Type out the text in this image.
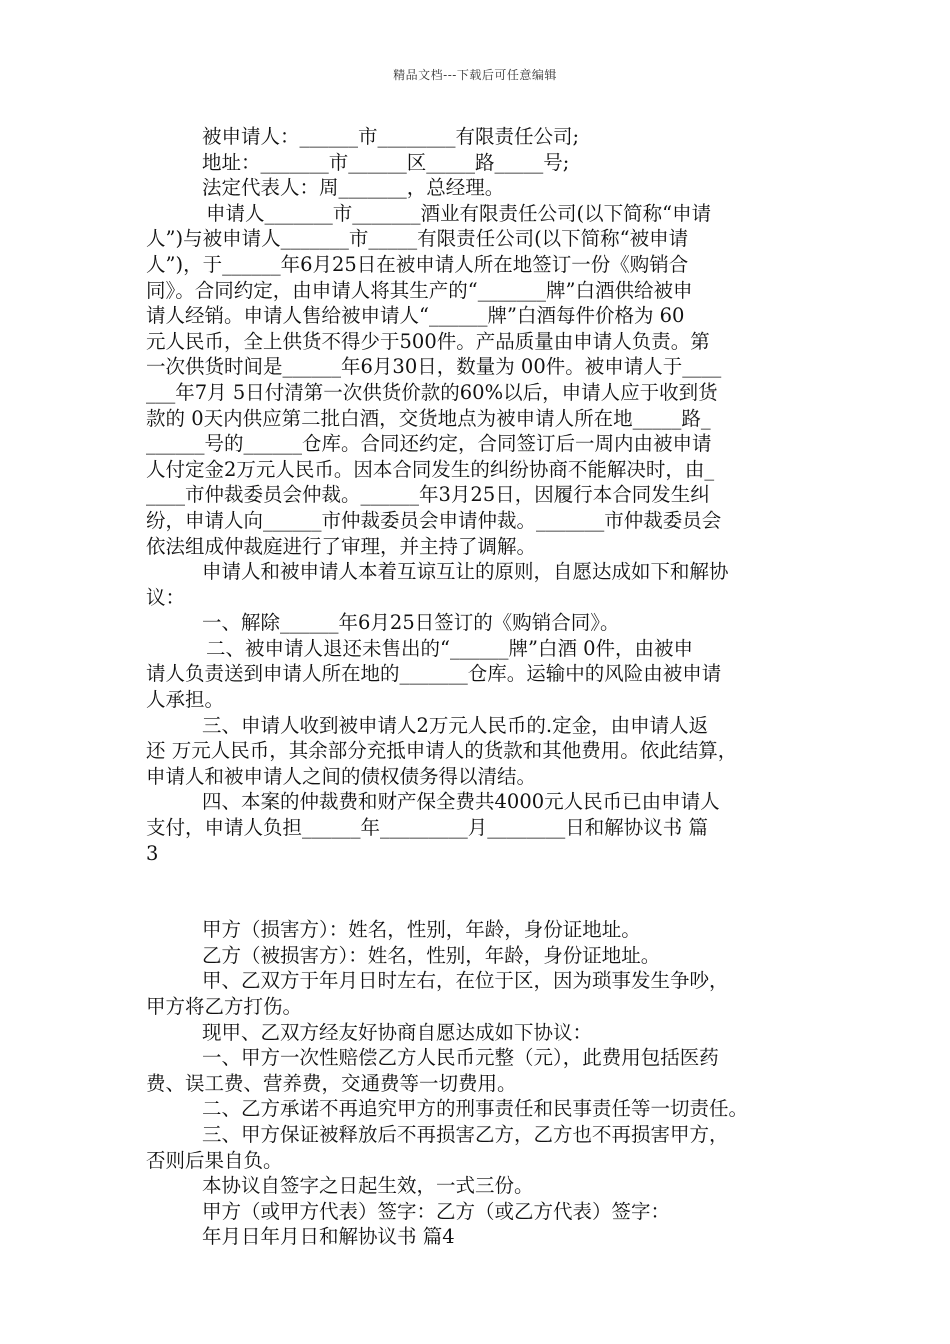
精品文档---下载后可任意编辑
被申请人：______市________有限责任公司;
地址：_______市______区_____路_____号;
法定代表人：周_______，总经理。
申请人_______市_______酒业有限责任公司(以下简称“申请
人”)与被申请人_______市_____有限责任公司(以下简称“被申请
人”)，于______年6月25日在被申请人所在地签订一份《购销合
同》。合同约定，由申请人将其生产的“_______牌”白酒供给被申
请人经销。申请人售给被申请人“______牌”白酒每件价格为 60
元人民币，全上供货不得少于500件。产品质量由申请人负责。第
一次供货时间是______年6月30日，数量为 00件。被申请人于____
___年7月 5日付清第一次供货价款的60%以后，申请人应于收到货
款的 0天内供应第二批白酒，交货地点为被申请人所在地_____路_
______号的______仓库。合同还约定，合同签订后一周内由被申请
人付定金2万元人民币。因本合同发生的纠纷协商不能解决时，由_
____市仲裁委员会仲裁。______年3月25日，因履行本合同发生纠
纷，申请人向______市仲裁委员会申请仲裁。_______市仲裁委员会
依法组成仲裁庭进行了审理，并主持了调解。
申请人和被申请人本着互谅互让的原则，自愿达成如下和解协
议：
一、解除______年6月25日签订的《购销合同》。
二、被申请人退还未售出的“______牌”白酒 0件，由被申
请人负责送到申请人所在地的_______仓库。运输中的风险由被申请
人承担。
三、申请人收到被申请人2万元人民币的.定金，由申请人返
还 万元人民币，其余部分充抵申请人的货款和其他费用。依此结算，
申请人和被申请人之间的债权债务得以清结。
四、本案的仲裁费和财产保全费共4000元人民币已由申请人
支付，申请人负担______年_________月________日和解协议书 篇
3
甲方（损害方）：姓名，性别，年龄，身份证地址。
乙方（被损害方）：姓名，性别，年龄，身份证地址。
甲、乙双方于年月日时左右，在位于区，因为琐事发生争吵，
甲方将乙方打伤。
现甲、乙双方经友好协商自愿达成如下协议：
一、甲方一次性赔偿乙方人民币元整（元），此费用包括医药
费、误工费、营养费，交通费等一切费用。
二、乙方承诺不再追究甲方的刑事责任和民事责任等一切责任。
三、甲方保证被释放后不再损害乙方，乙方也不再损害甲方，
否则后果自负。
本协议自签字之日起生效，一式三份。
甲方（或甲方代表）签字：乙方（或乙方代表）签字：
年月日年月日和解协议书 篇4
